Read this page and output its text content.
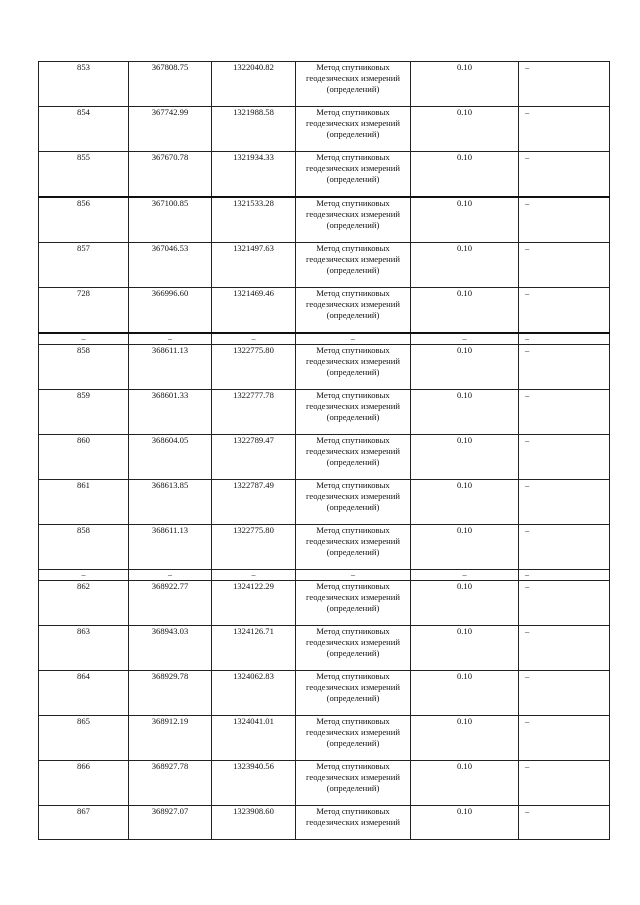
853	367808.75	1322040.82	Метод спутниковых геодезических измерений (определений)	0.10	–
854	367742.99	1321988.58	Метод спутниковых геодезических измерений (определений)	0.10	–
855	367670.78	1321934.33	Метод спутниковых геодезических измерений (определений)	0.10	–
856	367100.85	1321533.28	Метод спутниковых геодезических измерений (определений)	0.10	–
857	367046.53	1321497.63	Метод спутниковых геодезических измерений (определений)	0.10	–
728	366996.60	1321469.46	Метод спутниковых геодезических измерений (определений)	0.10	–
–	–	–	–	–	–
858	368611.13	1322775.80	Метод спутниковых геодезических измерений (определений)	0.10	–
859	368601.33	1322777.78	Метод спутниковых геодезических измерений (определений)	0.10	–
860	368604.05	1322789.47	Метод спутниковых геодезических измерений (определений)	0.10	–
861	368613.85	1322787.49	Метод спутниковых геодезических измерений (определений)	0.10	–
858	368611.13	1322775.80	Метод спутниковых геодезических измерений (определений)	0.10	–
–	–	–	–	–	–
862	368922.77	1324122.29	Метод спутниковых геодезических измерений (определений)	0.10	–
863	368943.03	1324126.71	Метод спутниковых геодезических измерений (определений)	0.10	–
864	368929.78	1324062.83	Метод спутниковых геодезических измерений (определений)	0.10	–
865	368912.19	1324041.01	Метод спутниковых геодезических измерений (определений)	0.10	–
866	368927.78	1323940.56	Метод спутниковых геодезических измерений (определений)	0.10	–
867	368927.07	1323908.60	Метод спутниковых геодезических измерений	0.10	–
